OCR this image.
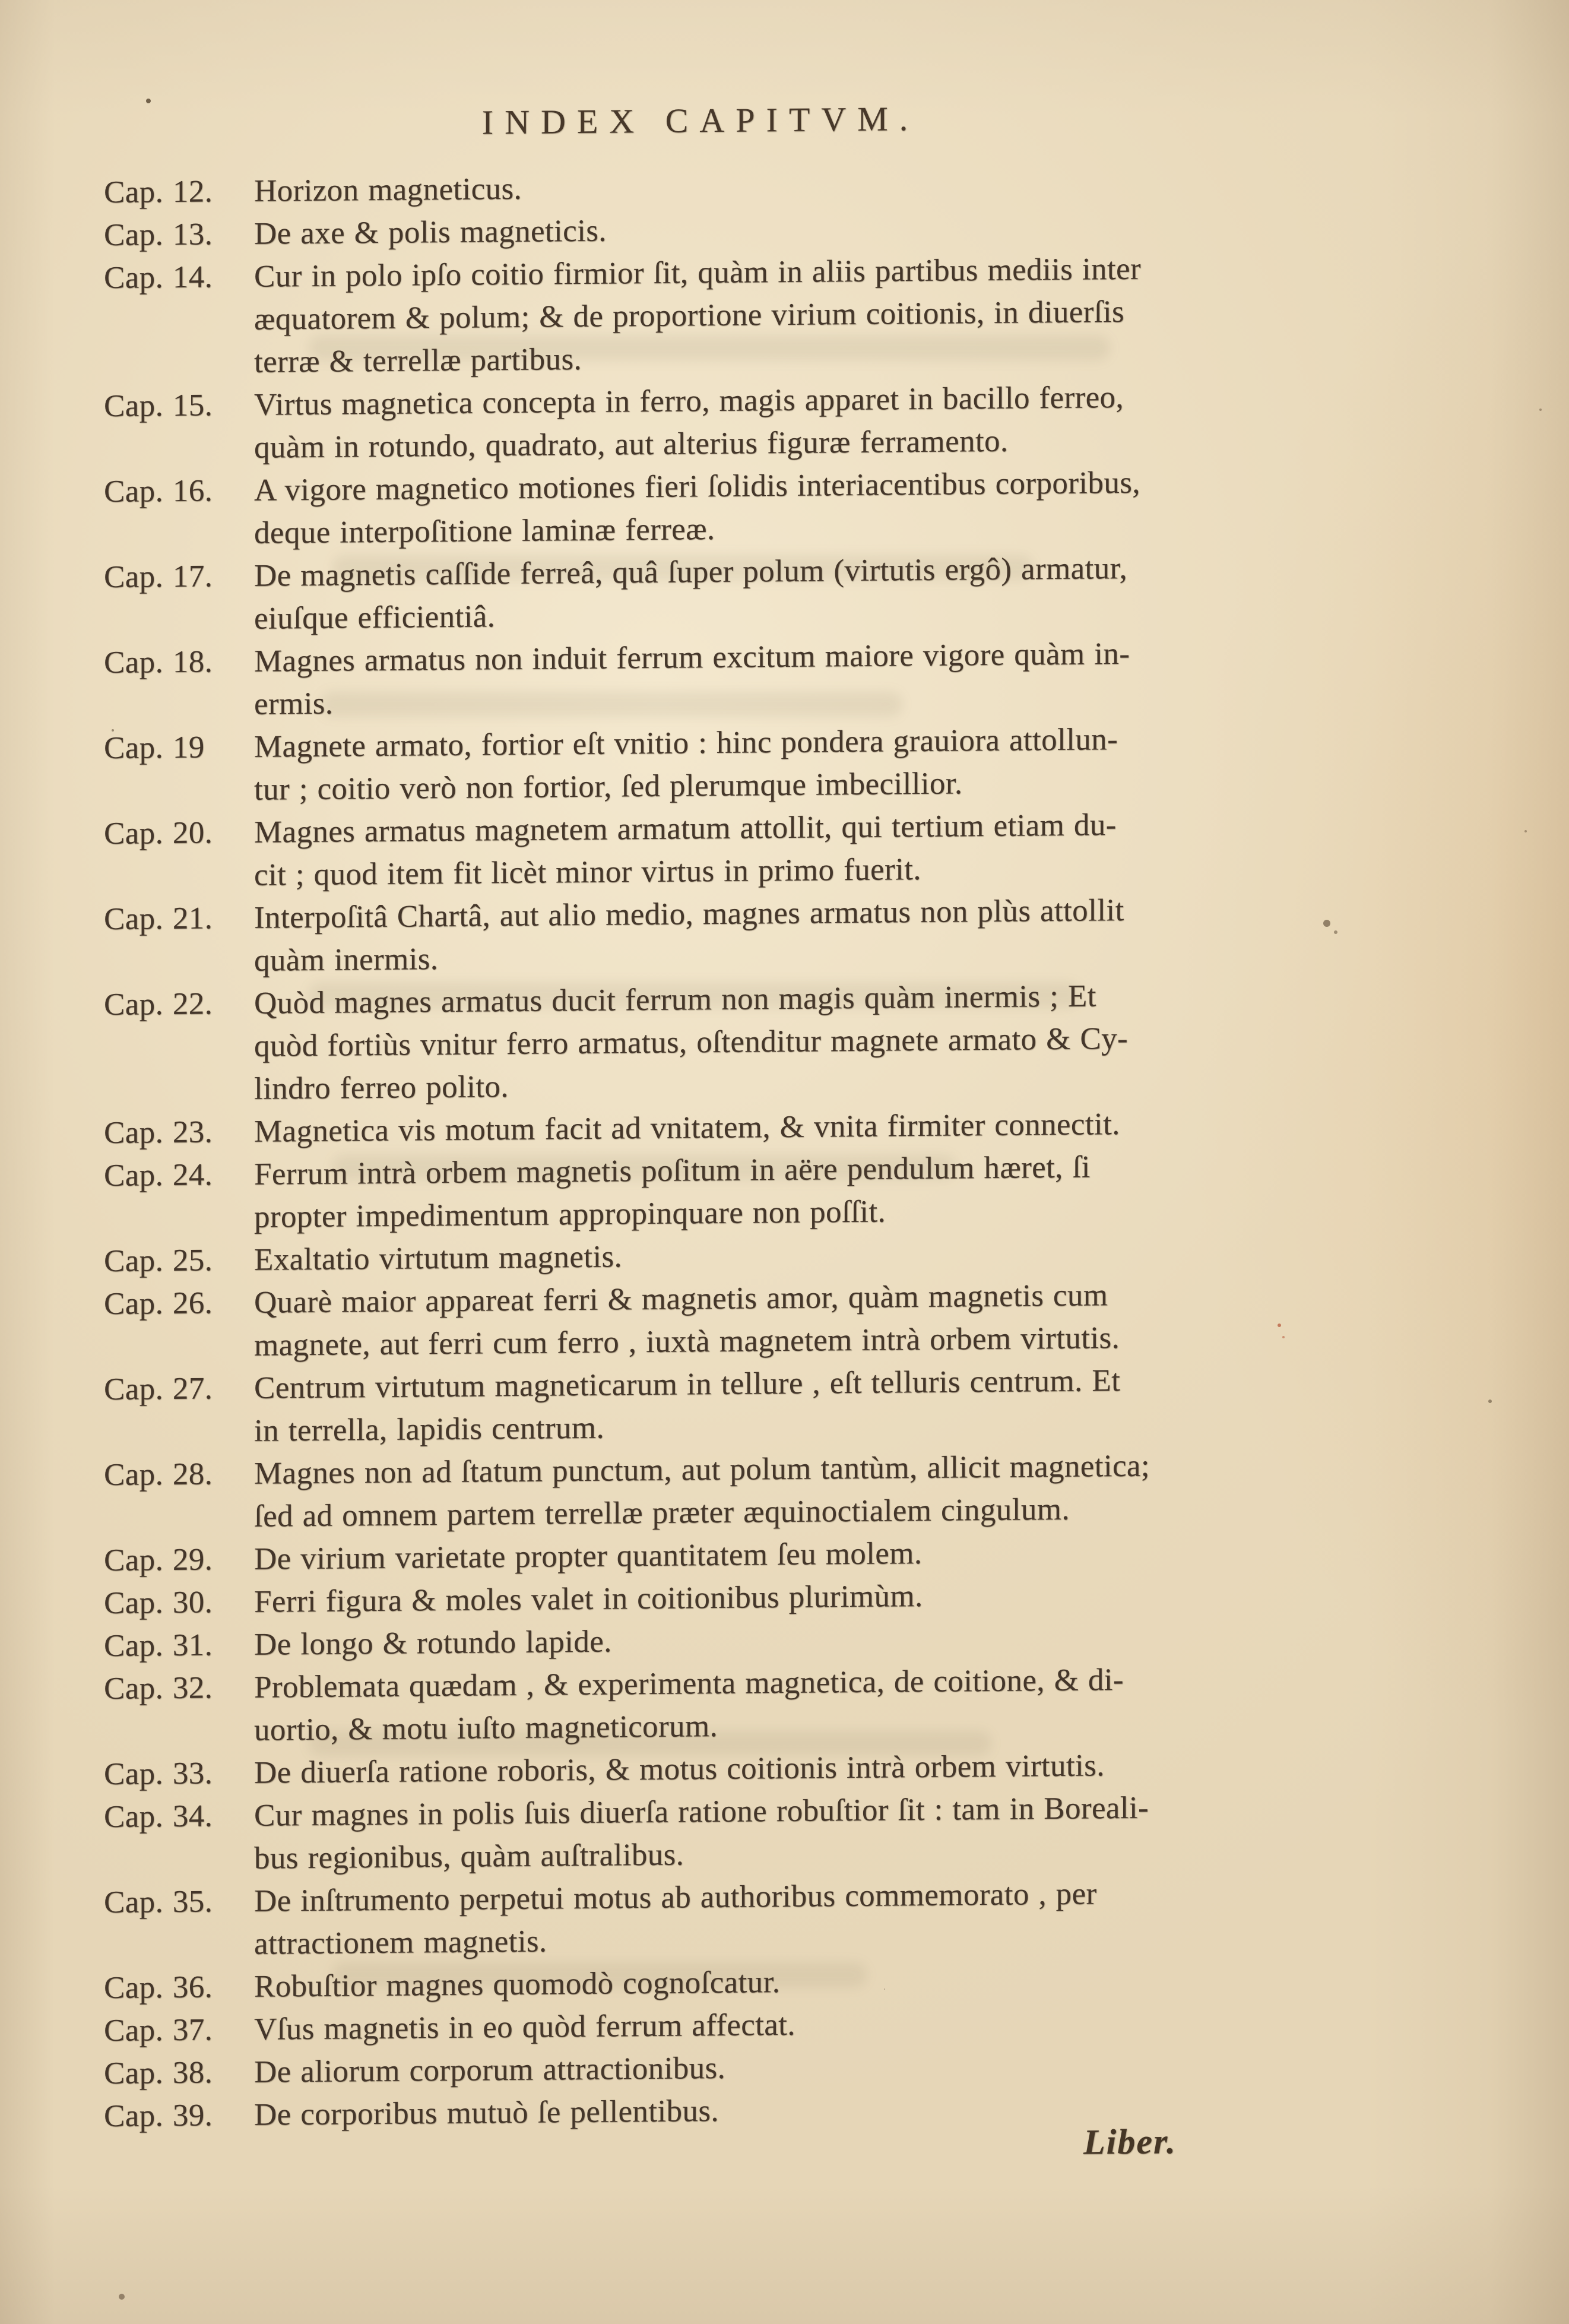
INDEX CAPITVM.
Cap. 12.	Horizon magneticus.
Cap. 13.	De axe & polis magneticis.
Cap. 14.	Cur in polo ipſo coitio firmior ſit, quàm in aliis partibus mediis inter
æquatorem & polum; & de proportione virium coitionis, in diuerſis
terræ & terrellæ partibus.
Cap. 15.	Virtus magnetica concepta in ferro, magis apparet in bacillo ferreo,
quàm in rotundo, quadrato, aut alterius figuræ ferramento.
Cap. 16.	A vigore magnetico motiones fieri ſolidis interiacentibus corporibus,
deque interpoſitione laminæ ferreæ.
Cap. 17.	De magnetis caſſide ferreâ, quâ ſuper polum (virtutis ergô) armatur,
eiuſque efficientiâ.
Cap. 18.	Magnes armatus non induit ferrum excitum maiore vigore quàm in-
ermis.
Cap. 19	Magnete armato, fortior eſt vnitio : hinc pondera grauiora attollun-
tur ; coitio verò non fortior, ſed plerumque imbecillior.
Cap. 20.	Magnes armatus magnetem armatum attollit, qui tertium etiam du-
cit ; quod item fit licèt minor virtus in primo fuerit.
Cap. 21.	Interpoſitâ Chartâ, aut alio medio, magnes armatus non plùs attollit
quàm inermis.
Cap. 22.	Quòd magnes armatus ducit ferrum non magis quàm inermis ; Et
quòd fortiùs vnitur ferro armatus, oſtenditur magnete armato & Cy-
lindro ferreo polito.
Cap. 23.	Magnetica vis motum facit ad vnitatem, & vnita firmiter connectit.
Cap. 24.	Ferrum intrà orbem magnetis poſitum in aëre pendulum hæret, ſi
propter impedimentum appropinquare non poſſit.
Cap. 25.	Exaltatio virtutum magnetis.
Cap. 26.	Quarè maior appareat ferri & magnetis amor, quàm magnetis cum
magnete, aut ferri cum ferro , iuxtà magnetem intrà orbem virtutis.
Cap. 27.	Centrum virtutum magneticarum in tellure , eſt telluris centrum. Et
in terrella, lapidis centrum.
Cap. 28.	Magnes non ad ſtatum punctum, aut polum tantùm, allicit magnetica;
ſed ad omnem partem terrellæ præter æquinoctialem cingulum.
Cap. 29.	De virium varietate propter quantitatem ſeu molem.
Cap. 30.	Ferri figura & moles valet in coitionibus plurimùm.
Cap. 31.	De longo & rotundo lapide.
Cap. 32.	Problemata quædam , & experimenta magnetica, de coitione, & di-
uortio, & motu iuſto magneticorum.
Cap. 33.	De diuerſa ratione roboris, & motus coitionis intrà orbem virtutis.
Cap. 34.	Cur magnes in polis ſuis diuerſa ratione robuſtior ſit : tam in Boreali-
bus regionibus, quàm auſtralibus.
Cap. 35.	De inſtrumento perpetui motus ab authoribus commemorato , per
attractionem magnetis.
Cap. 36.	Robuſtior magnes quomodò cognoſcatur.
Cap. 37.	Vſus magnetis in eo quòd ferrum affectat.
Cap. 38.	De aliorum corporum attractionibus.
Cap. 39.	De corporibus mutuò ſe pellentibus.
Liber.
